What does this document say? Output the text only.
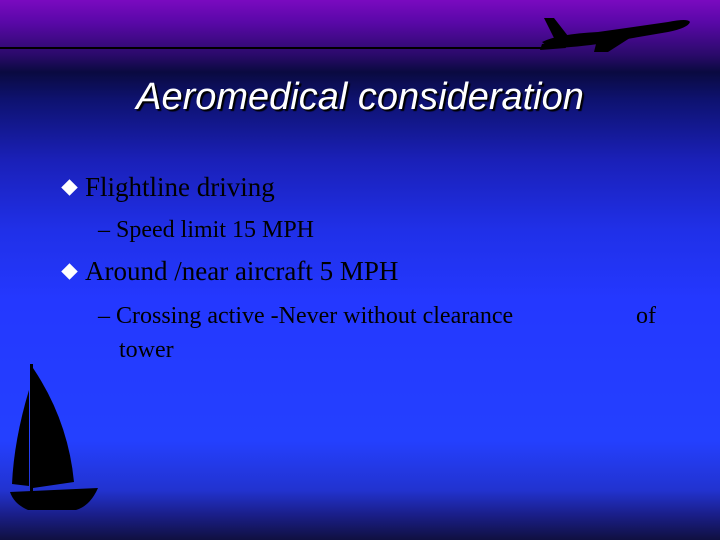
Aeromedical consideration
Flightline driving
– Speed limit 15 MPH
Around /near aircraft 5 MPH
– Crossing active -Never without clearance	of
tower
